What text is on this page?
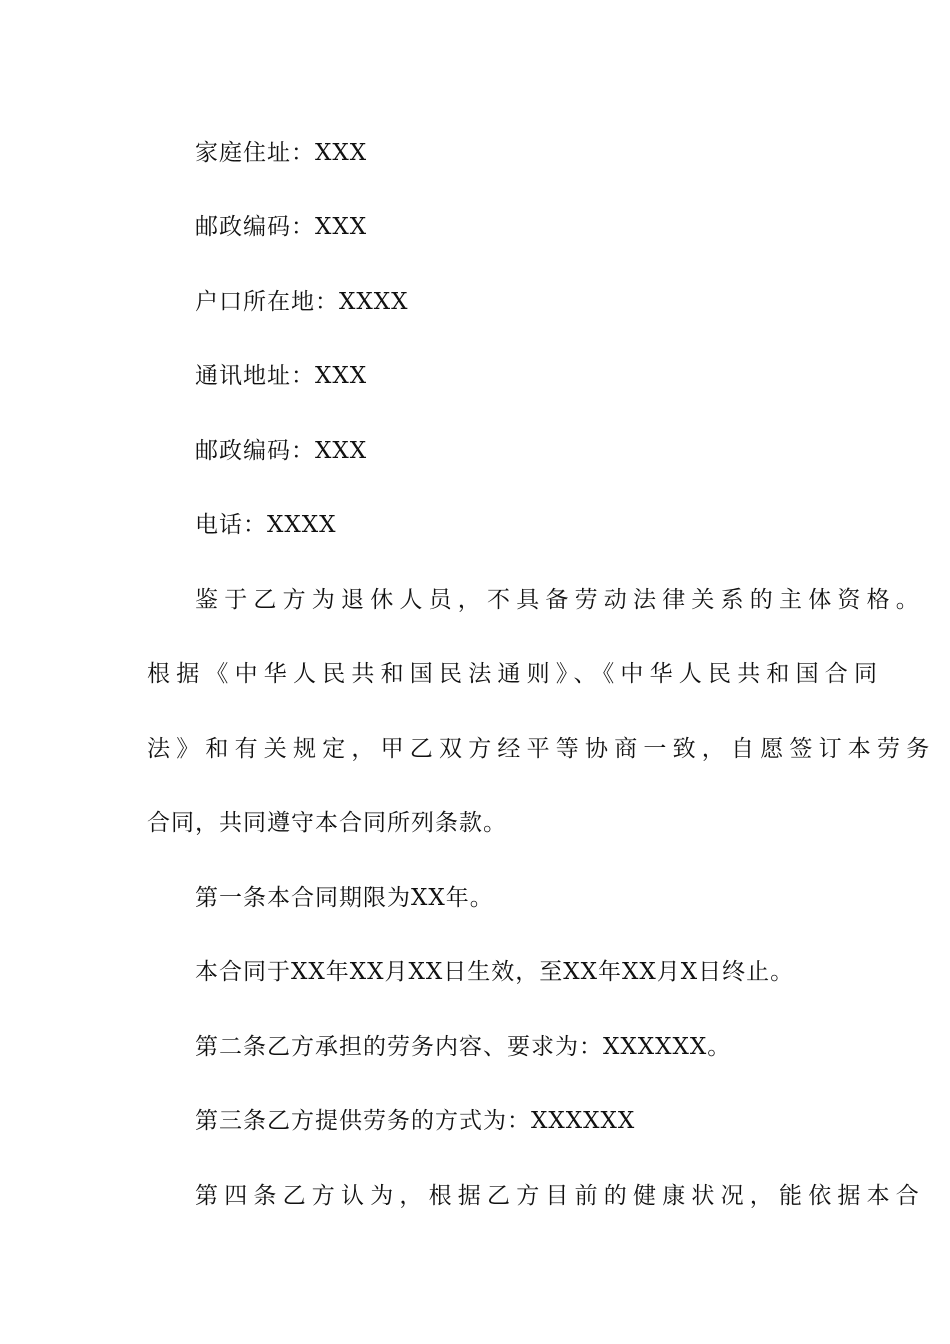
家庭住址：XXX
邮政编码：XXX
户口所在地：XXXX
通讯地址：XXX
邮政编码：XXX
电话：XXXX
鉴于乙方为退休人员，不具备劳动法律关系的主体资格。
根据《中华人民共和国民法通则》、《中华人民共和国合同
法》和有关规定，甲乙双方经平等协商一致，自愿签订本劳务
合同，共同遵守本合同所列条款。
第一条本合同期限为XX年。
本合同于XX年XX月XX日生效，至XX年XX月X日终止。
第二条乙方承担的劳务内容、要求为：XXXXXX。
第三条乙方提供劳务的方式为：XXXXXX
第四条乙方认为，根据乙方目前的健康状况，能依据本合
